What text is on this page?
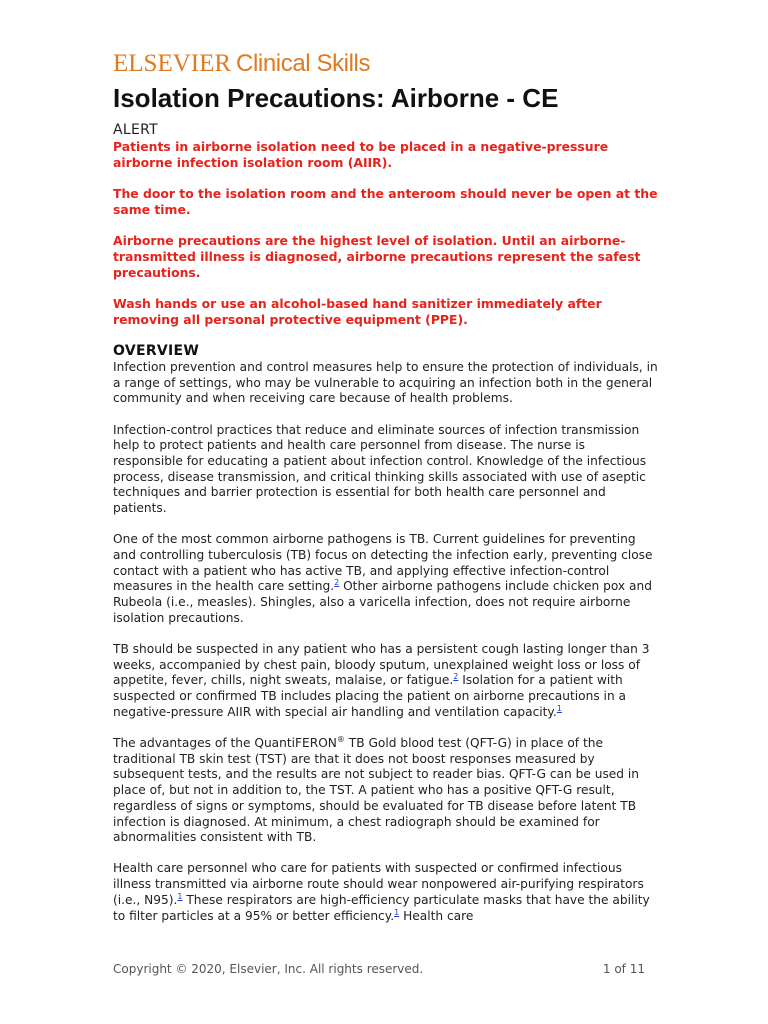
ELSEVIER Clinical Skills
Isolation Precautions: Airborne - CE
ALERT

Patients in airborne isolation need to be placed in a negative-pressure airborne infection isolation room (AIIR).

The door to the isolation room and the anteroom should never be open at the same time.

Airborne precautions are the highest level of isolation. Until an airborne-transmitted illness is diagnosed, airborne precautions represent the safest precautions.

Wash hands or use an alcohol-based hand sanitizer immediately after removing all personal protective equipment (PPE).

OVERVIEW

Infection prevention and control measures help to ensure the protection of individuals, in a range of settings, who may be vulnerable to acquiring an infection both in the general community and when receiving care because of health problems.

Infection-control practices that reduce and eliminate sources of infection transmission help to protect patients and health care personnel from disease. The nurse is responsible for educating a patient about infection control. Knowledge of the infectious process, disease transmission, and critical thinking skills associated with use of aseptic techniques and barrier protection is essential for both health care personnel and patients.

One of the most common airborne pathogens is TB. Current guidelines for preventing and controlling tuberculosis (TB) focus on detecting the infection early, preventing close contact with a patient who has active TB, and applying effective infection-control measures in the health care setting.$^2$ Other airborne pathogens include chicken pox and Rubeola (i.e., measles). Shingles, also a varicella infection, does not require airborne isolation precautions.

TB should be suspected in any patient who has a persistent cough lasting longer than 3 weeks, accompanied by chest pain, bloody sputum, unexplained weight loss or loss of appetite, fever, chills, night sweats, malaise, or fatigue.$^2$ Isolation for a patient with suspected or confirmed TB includes placing the patient on airborne precautions in a negative-pressure AIIR with special air handling and ventilation capacity.$^1$

The advantages of the QuantiFERON® TB Gold blood test (QFT-G) in place of the traditional TB skin test (TST) are that it does not boost responses measured by subsequent tests, and the results are not subject to reader bias. QFT-G can be used in place of, but not in addition to, the TST. A patient who has a positive QFT-G result, regardless of signs or symptoms, should be evaluated for TB disease before latent TB infection is diagnosed. At minimum, a chest radiograph should be examined for abnormalities consistent with TB.

Health care personnel who care for patients with suspected or confirmed infectious illness transmitted via airborne route should wear nonpowered air-purifying respirators (i.e., N95).$^1$ These respirators are high-efficiency particulate masks that have the ability to filter particles at a 95% or better efficiency.$^1$ Health care

Copyright © 2020, Elsevier, Inc. All rights reserved.	1 of 11
